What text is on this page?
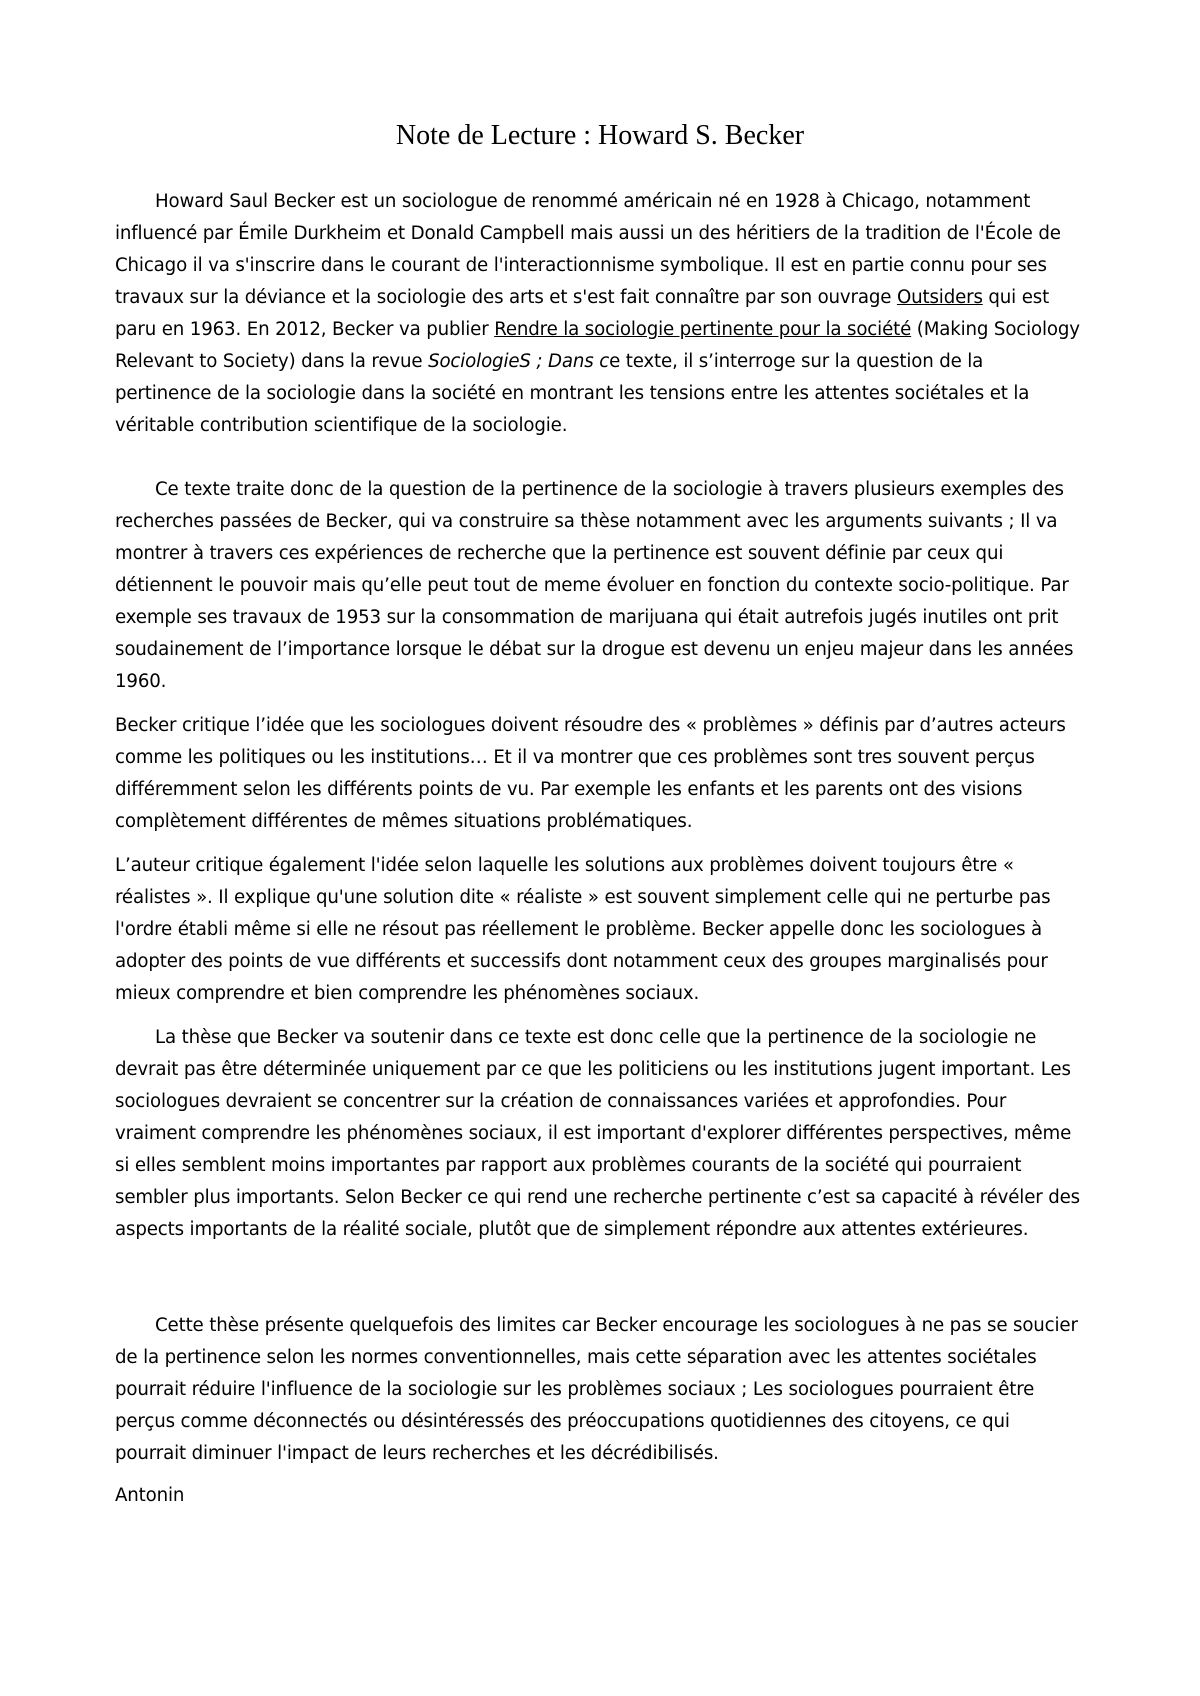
Note de Lecture : Howard S. Becker

Howard Saul Becker est un sociologue de renommé américain né en 1928 à Chicago, notamment influencé par Émile Durkheim et Donald Campbell mais aussi un des héritiers de la tradition de l'École de Chicago il va s'inscrire dans le courant de l'interactionnisme symbolique. Il est en partie connu pour ses travaux sur la déviance et la sociologie des arts et s'est fait connaître par son ouvrage Outsiders qui est paru en 1963. En 2012, Becker va publier Rendre la sociologie pertinente pour la société (Making Sociology Relevant to Society) dans la revue SociologieS ; Dans ce texte, il s’interroge sur la question de la pertinence de la sociologie dans la société en montrant les tensions entre les attentes sociétales et la véritable contribution scientifique de la sociologie.

Ce texte traite donc de la question de la pertinence de la sociologie à travers plusieurs exemples des recherches passées de Becker, qui va construire sa thèse notamment avec les arguments suivants ; Il va montrer à travers ces expériences de recherche que la pertinence est souvent définie par ceux qui détiennent le pouvoir mais qu’elle peut tout de meme évoluer en fonction du contexte socio-politique. Par exemple ses travaux de 1953 sur la consommation de marijuana qui était autrefois jugés inutiles ont prit soudainement de l’importance lorsque le débat sur la drogue est devenu un enjeu majeur dans les années 1960.

Becker critique l’idée que les sociologues doivent résoudre des « problèmes » définis par d’autres acteurs comme les politiques ou les institutions… Et il va montrer que ces problèmes sont tres souvent perçus différemment selon les différents points de vu. Par exemple les enfants et les parents ont des visions complètement différentes de mêmes situations problématiques.

L’auteur critique également l'idée selon laquelle les solutions aux problèmes doivent toujours être « réalistes ». Il explique qu'une solution dite « réaliste » est souvent simplement celle qui ne perturbe pas l'ordre établi même si elle ne résout pas réellement le problème. Becker appelle donc les sociologues à adopter des points de vue différents et successifs dont notamment ceux des groupes marginalisés pour mieux comprendre et bien comprendre les phénomènes sociaux.

La thèse que Becker va soutenir dans ce texte est donc celle que la pertinence de la sociologie ne devrait pas être déterminée uniquement par ce que les politiciens ou les institutions jugent important. Les sociologues devraient se concentrer sur la création de connaissances variées et approfondies. Pour vraiment comprendre les phénomènes sociaux, il est important d'explorer différentes perspectives, même si elles semblent moins importantes par rapport aux problèmes courants de la société qui pourraient sembler plus importants. Selon Becker ce qui rend une recherche pertinente c’est sa capacité à révéler des aspects importants de la réalité sociale, plutôt que de simplement répondre aux attentes extérieures.

Cette thèse présente quelquefois des limites car Becker encourage les sociologues à ne pas se soucier de la pertinence selon les normes conventionnelles, mais cette séparation avec les attentes sociétales pourrait réduire l'influence de la sociologie sur les problèmes sociaux ; Les sociologues pourraient être perçus comme déconnectés ou désintéressés des préoccupations quotidiennes des citoyens, ce qui pourrait diminuer l'impact de leurs recherches et les décrédibilisés.

Antonin
